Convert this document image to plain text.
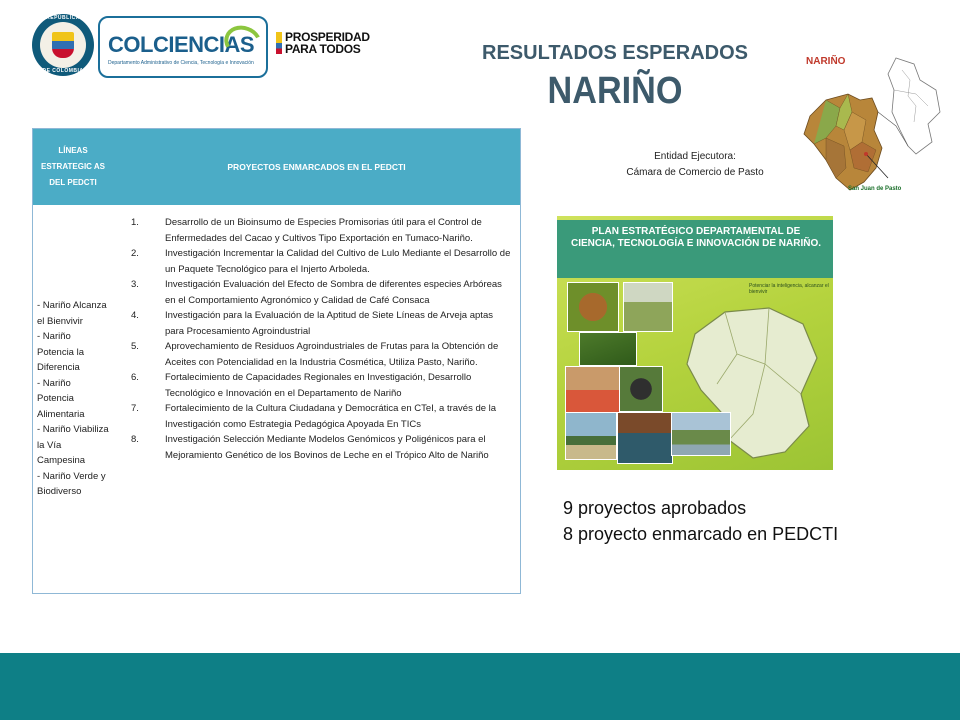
REPÚBLICA
DE COLOMBIA
COLCIENCIAS
Departamento Administrativo de Ciencia, Tecnología e Innovación
PROSPERIDAD
PARA TODOS	RESULTADOS ESPERADOS
NARIÑO
NARIÑO
San Juan de Pasto
Entidad Ejecutora:
Cámara de Comercio de Pasto
PLAN ESTRATÉGICO DEPARTAMENTAL DE CIENCIA, TECNOLOGÍA E INNOVACIÓN DE NARIÑO.
Potenciar la inteligencia, alcanzar el bienvivir
LÍNEAS ESTRATEGIC AS DEL PEDCTI
PROYECTOS ENMARCADOS EN EL PEDCTI
- Nariño Alcanza el Bienvivir
- Nariño Potencia la Diferencia
- Nariño Potencia Alimentaria
- Nariño Viabiliza la Vía Campesina
- Nariño Verde y Biodiverso
1.	Desarrollo de un Bioinsumo de Especies Promisorias útil para el Control de Enfermedades del Cacao y Cultivos Tipo Exportación en Tumaco-Nariño.
2.	Investigación Incrementar la Calidad del Cultivo de Lulo Mediante el Desarrollo de un Paquete Tecnológico para el Injerto Arboleda.
3.	Investigación Evaluación del Efecto de Sombra de diferentes especies Arbóreas en el Comportamiento Agronómico y Calidad de Café Consaca
4.	Investigación para la Evaluación de la Aptitud de Siete Líneas de Arveja aptas para Procesamiento Agroindustrial
5.	Aprovechamiento de Residuos Agroindustriales de Frutas para la Obtención de Aceites con Potencialidad en la Industria Cosmética, Utiliza Pasto, Nariño.
6.	Fortalecimiento de Capacidades Regionales en Investigación, Desarrollo Tecnológico e Innovación en el Departamento de Nariño
7.	Fortalecimiento de la Cultura Ciudadana y Democrática en CTeI, a través de la Investigación como Estrategia Pedagógica Apoyada En TICs
8.	Investigación Selección Mediante Modelos Genómicos y Poligénicos para el Mejoramiento Genético de los Bovinos de Leche en el Trópico Alto de Nariño
9 proyectos aprobados
8 proyecto enmarcado en PEDCTI
